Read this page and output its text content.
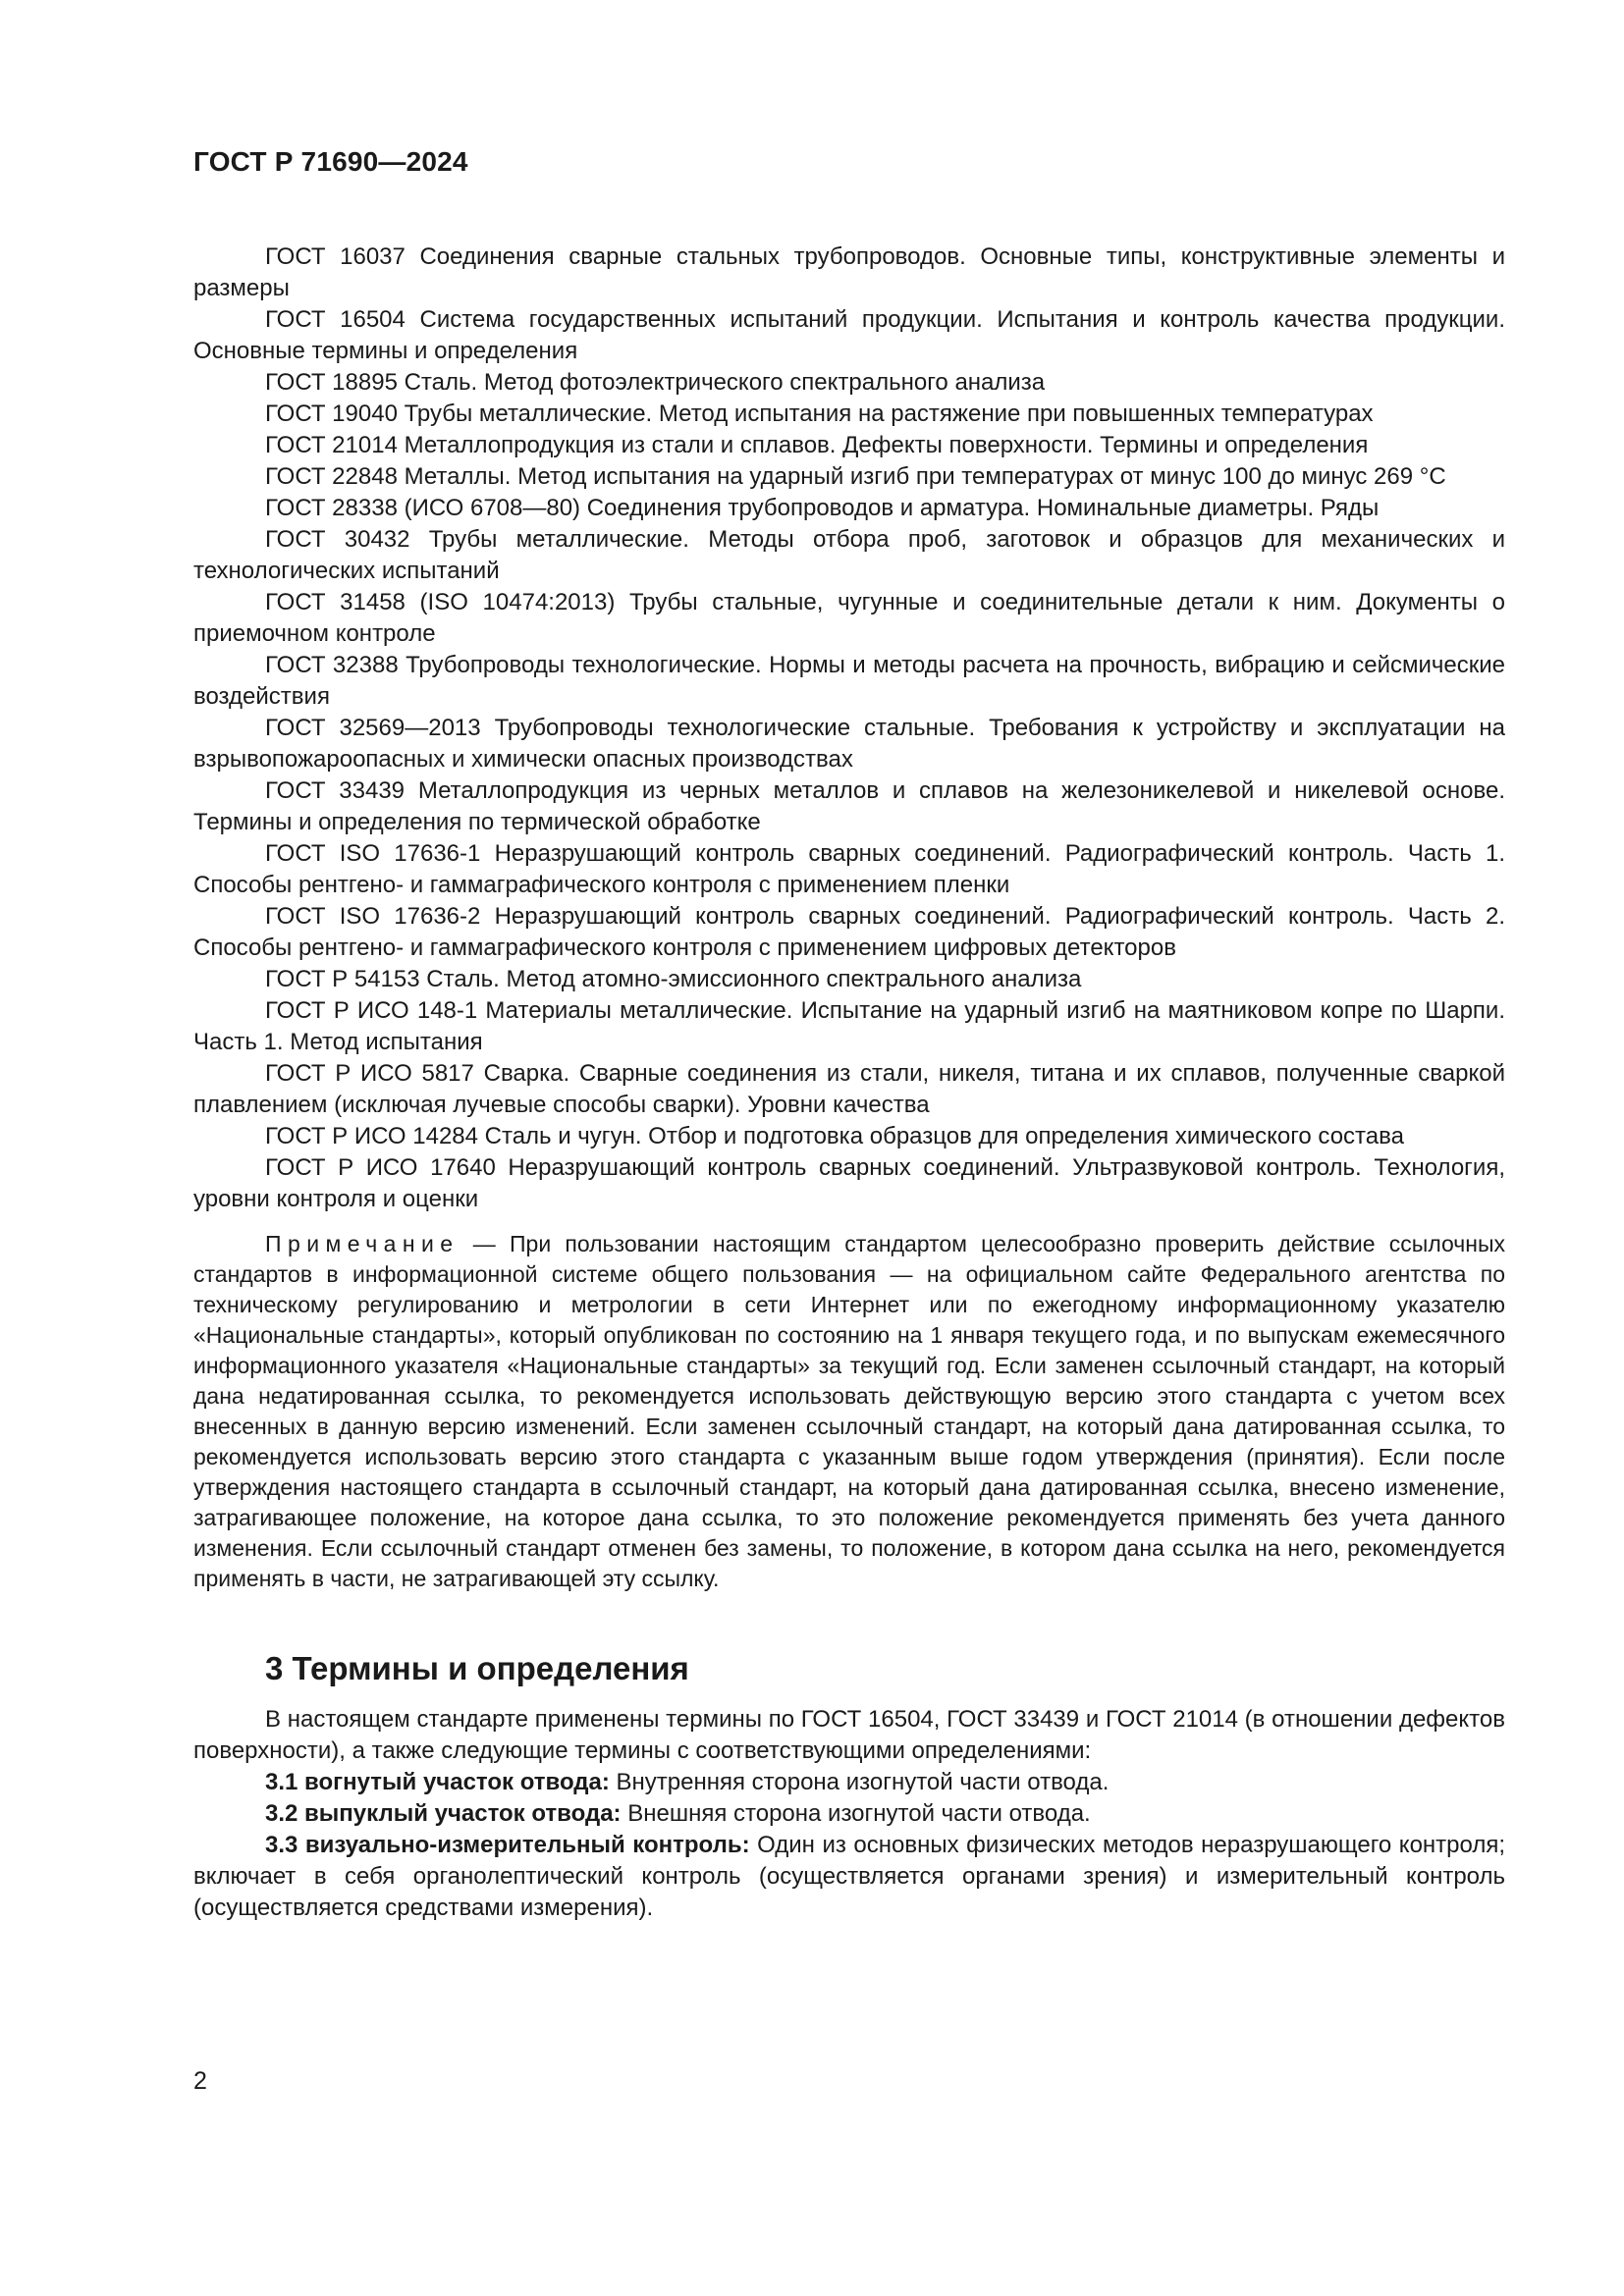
ГОСТ Р 71690—2024

ГОСТ 16037 Соединения сварные стальных трубопроводов. Основные типы, конструктивные элементы и размеры

ГОСТ 16504 Система государственных испытаний продукции. Испытания и контроль качества продукции. Основные термины и определения

ГОСТ 18895 Сталь. Метод фотоэлектрического спектрального анализа

ГОСТ 19040 Трубы металлические. Метод испытания на растяжение при повышенных температурах

ГОСТ 21014 Металлопродукция из стали и сплавов. Дефекты поверхности. Термины и определения

ГОСТ 22848 Металлы. Метод испытания на ударный изгиб при температурах от минус 100 до минус 269 °С

ГОСТ 28338 (ИСО 6708—80) Соединения трубопроводов и арматура. Номинальные диаметры. Ряды

ГОСТ 30432 Трубы металлические. Методы отбора проб, заготовок и образцов для механических и технологических испытаний

ГОСТ 31458 (ISO 10474:2013) Трубы стальные, чугунные и соединительные детали к ним. Документы о приемочном контроле

ГОСТ 32388 Трубопроводы технологические. Нормы и методы расчета на прочность, вибрацию и сейсмические воздействия

ГОСТ 32569—2013 Трубопроводы технологические стальные. Требования к устройству и эксплуатации на взрывопожароопасных и химически опасных производствах

ГОСТ 33439 Металлопродукция из черных металлов и сплавов на железоникелевой и никелевой основе. Термины и определения по термической обработке

ГОСТ ISO 17636-1 Неразрушающий контроль сварных соединений. Радиографический контроль. Часть 1. Способы рентгено- и гаммаграфического контроля с применением пленки

ГОСТ ISO 17636-2 Неразрушающий контроль сварных соединений. Радиографический контроль. Часть 2. Способы рентгено- и гаммаграфического контроля с применением цифровых детекторов

ГОСТ Р 54153 Сталь. Метод атомно-эмиссионного спектрального анализа

ГОСТ Р ИСО 148-1 Материалы металлические. Испытание на ударный изгиб на маятниковом копре по Шарпи. Часть 1. Метод испытания

ГОСТ Р ИСО 5817 Сварка. Сварные соединения из стали, никеля, титана и их сплавов, полученные сваркой плавлением (исключая лучевые способы сварки). Уровни качества

ГОСТ Р ИСО 14284 Сталь и чугун. Отбор и подготовка образцов для определения химического состава

ГОСТ Р ИСО 17640 Неразрушающий контроль сварных соединений. Ультразвуковой контроль. Технология, уровни контроля и оценки

Примечание — При пользовании настоящим стандартом целесообразно проверить действие ссылочных стандартов в информационной системе общего пользования — на официальном сайте Федерального агентства по техническому регулированию и метрологии в сети Интернет или по ежегодному информационному указателю «Национальные стандарты», который опубликован по состоянию на 1 января текущего года, и по выпускам ежемесячного информационного указателя «Национальные стандарты» за текущий год. Если заменен ссылочный стандарт, на который дана недатированная ссылка, то рекомендуется использовать действующую версию этого стандарта с учетом всех внесенных в данную версию изменений. Если заменен ссылочный стандарт, на который дана датированная ссылка, то рекомендуется использовать версию этого стандарта с указанным выше годом утверждения (принятия). Если после утверждения настоящего стандарта в ссылочный стандарт, на который дана датированная ссылка, внесено изменение, затрагивающее положение, на которое дана ссылка, то это положение рекомендуется применять без учета данного изменения. Если ссылочный стандарт отменен без замены, то положение, в котором дана ссылка на него, рекомендуется применять в части, не затрагивающей эту ссылку.

3 Термины и определения

В настоящем стандарте применены термины по ГОСТ 16504, ГОСТ 33439 и ГОСТ 21014 (в отношении дефектов поверхности), а также следующие термины с соответствующими определениями:

3.1 вогнутый участок отвода: Внутренняя сторона изогнутой части отвода.

3.2 выпуклый участок отвода: Внешняя сторона изогнутой части отвода.

3.3 визуально-измерительный контроль: Один из основных физических методов неразрушающего контроля; включает в себя органолептический контроль (осуществляется органами зрения) и измерительный контроль (осуществляется средствами измерения).

2
